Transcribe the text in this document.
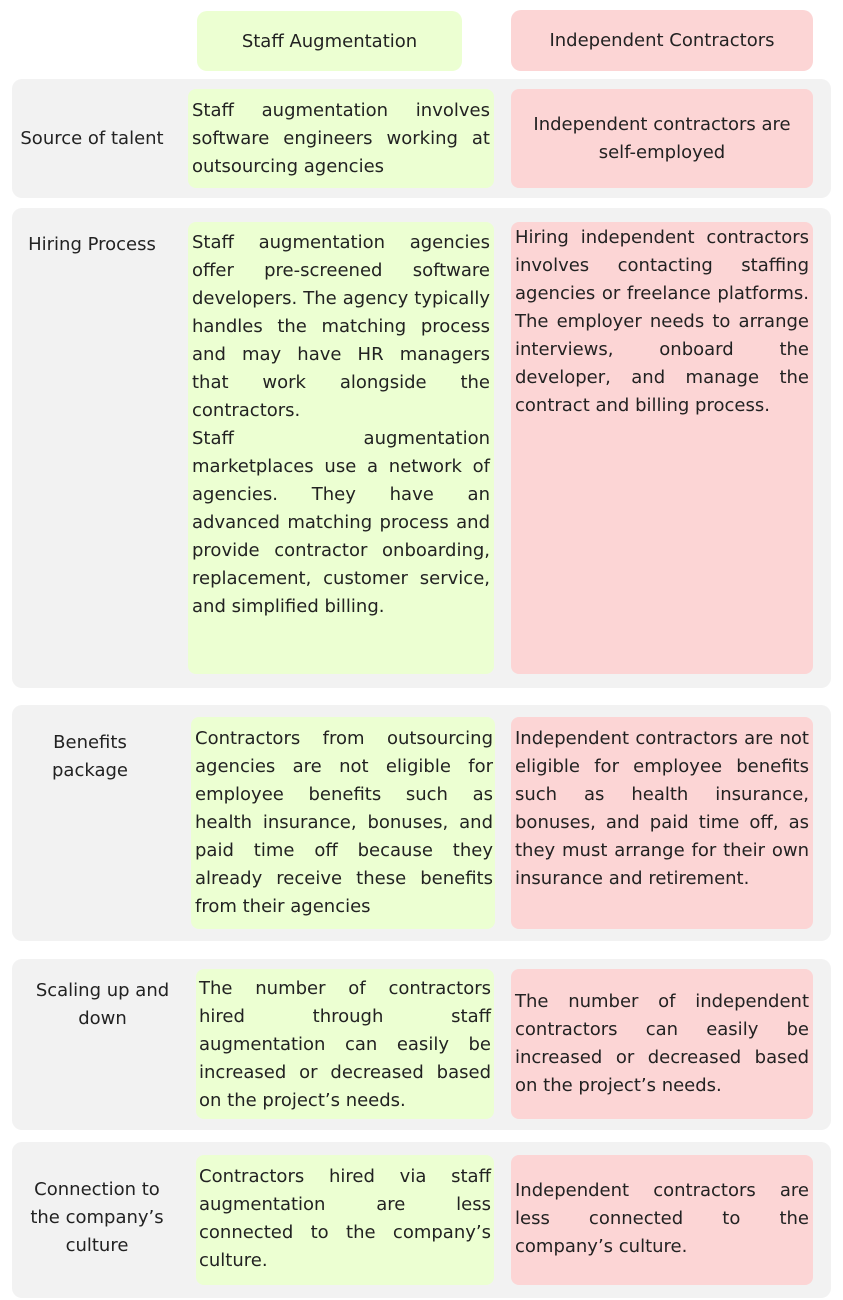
Staff Augmentation	Independent Contractors
Source of talent

Staff augmentation involves software engineers working at outsourcing agencies

Independent contractors are self-employed

Hiring Process	Staff augmentation agencies offer pre-screened software developers. The agency typically handles the matching process and may have HR managers that work alongside the contractors.

Staff augmentation marketplaces use a network of agencies. They have an advanced matching process and provide contractor onboarding, replacement, customer service, and simplified billing.

Hiring independent contractors involves contacting staffing agencies or freelance platforms. The employer needs to arrange interviews, onboard the developer, and manage the contract and billing process.

Benefits package

Contractors from outsourcing agencies are not eligible for employee benefits such as health insurance, bonuses, and paid time off because they already receive these benefits from their agencies

Independent contractors are not eligible for employee benefits such as health insurance, bonuses, and paid time off, as they must arrange for their own insurance and retirement.

Scaling up and down

The number of contractors hired through staff augmentation can easily be increased or decreased based on the project’s needs.

The number of independent contractors can easily be increased or decreased based on the project’s needs.

Connection to the company’s culture

Contractors hired via staff augmentation are less connected to the company’s culture.

Independent contractors are less connected to the company’s culture.
